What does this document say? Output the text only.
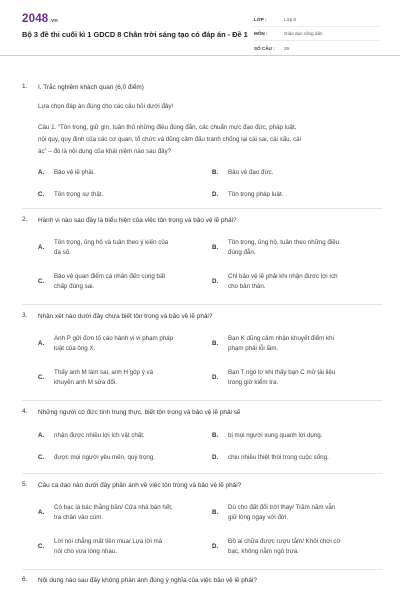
2048.vn
Bộ 3 đề thi cuối kì 1 GDCD 8 Chân trời sáng tạo có đáp án - Đề 1
LỚP :	Lớp 8
MÔN :	Giáo dục công dân
SỐ CÂU :	26
1. I. Trắc nghiệm khách quan (6,0 điểm)
Lựa chọn đáp án đúng cho các câu hỏi dưới đây!
Câu 1. “Tôn trọng, giữ gìn, tuân thủ những điều đúng đắn, các chuẩn mực đạo đức, pháp luật,
nội quy, quy định của các cơ quan, tổ chức và dũng cảm đấu tranh chống lại cái sai, cái xấu, cái
ác” – đó là nội dung của khái niệm nào sau đây?
A. Bảo vệ lẽ phải.	B. Bảo vệ đạo đức.
C. Tôn trọng sự thật.	D. Tôn trọng pháp luật.
2. Hành vi nào sau đây là biểu hiện của việc tôn trọng và bảo vệ lẽ phải?
A.
Tôn trọng, ủng hộ và tuân theo ý kiến của
đa số.
B.
Tôn trọng, ủng hộ, tuân theo những điều
đúng đắn.
C.
Bảo vệ quan điểm cá nhân đến cùng bất
chấp đúng sai.
D.
Chỉ bảo vệ lẽ phải khi nhận được lợi ích
cho bản thân.
3. Nhận xét nào dưới đây chưa biết tôn trọng và bảo vệ lẽ phải?
A.
Anh P gửi đơn tố cáo hành vi vi phạm pháp
luật của ông X.
B.
Bạn K dũng cảm nhận khuyết điểm khi
phạm phải lỗi lầm.
C.
Thấy anh M làm sai, anh H góp ý và
khuyên anh M sửa đổi.
D.
Bạn T ngó lơ khi thấy bạn C mở tài liệu
trong giờ kiểm tra.
4. Những người có đức tính trung thực, biết tôn trọng và bảo vệ lẽ phải sẽ
A. nhận được nhiều lợi ích vật chất.	B. bị mọi người xung quanh lợi dụng.
C. được mọi người yêu mến, quý trọng.	D. chịu nhiều thiệt thòi trong cuộc sống.
5. Câu ca dao nào dưới đây phản ánh về việc tôn trọng và bảo vệ lẽ phải?
A.
Có bạc là bác thằng bần/ Cửa nhà bán hết,
tra chân vào cùm.
B.
Dù cho đất đổi trời thay/ Trăm năm vẫn
giữ lòng ngay với đời.
C.
Lời nói chẳng mất tiền mua/ Lựa lời mà
nói cho vừa lòng nhau.
D.
Đồ ai chữa được rượu tằm/ Khôi chơi cờ
bạc, không nằm ngủ trưa.
6. Nội dung nào sau đây không phản ánh đúng ý nghĩa của việc bảo vệ lẽ phải?
